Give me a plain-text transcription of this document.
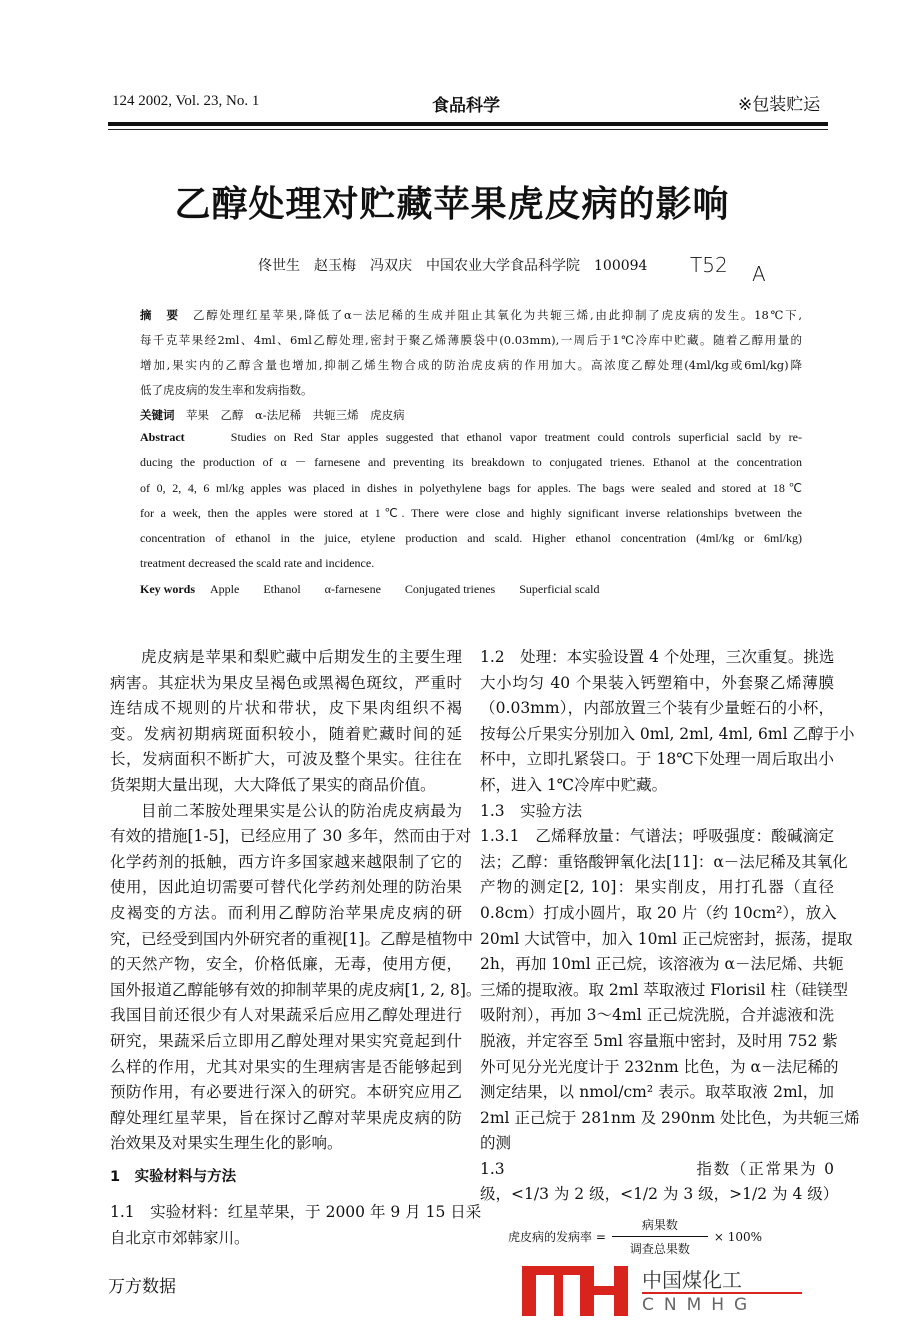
124 2002, Vol. 23, No. 1	食品科学	※包装贮运
乙醇处理对贮藏苹果虎皮病的影响
佟世生　赵玉梅　冯双庆　中国农业大学食品科学院　100094 T52 A
摘　要　 乙醇处理红星苹果,降低了α－法尼稀的生成并阻止其氧化为共轭三烯,由此抑制了虎皮病的发生。18℃下,
每千克苹果经2ml、4ml、6ml乙醇处理,密封于聚乙烯薄膜袋中(0.03mm),一周后于1℃冷库中贮藏。随着乙醇用量的
增加,果实内的乙醇含量也增加,抑制乙烯生物合成的防治虎皮病的作用加大。高浓度乙醇处理(4ml/kg或6ml/kg)降
低了虎皮病的发生率和发病指数。
关键词　 苹果　乙醇　α-法尼稀　共轭三烯　虎皮病
Abstract	Studies on Red Star apples suggested that ethanol vapor treatment could controls superficial sacld by re-
ducing the production of α － farnesene and preventing its breakdown to conjugated trienes. Ethanol at the concentration
of 0, 2, 4, 6 ml/kg apples was placed in dishes in polyethylene bags for apples. The bags were sealed and stored at 18℃
for a week, then the apples were stored at 1℃. There were close and highly significant inverse relationships bvetween the
concentration of ethanol in the juice, etylene production and scald. Higher ethanol concentration (4ml/kg or 6ml/kg)
treatment decreased the scald rate and incidence.
Key words Apple　　Ethanol　　α-farnesene　　Conjugated trienes　　Superficial scald
虎皮病是苹果和梨贮藏中后期发生的主要生理
病害。其症状为果皮呈褐色或黑褐色斑纹，严重时
连结成不规则的片状和带状，皮下果肉组织不褐
变。发病初期病斑面积较小，随着贮藏时间的延
长，发病面积不断扩大，可波及整个果实。往往在
货架期大量出现，大大降低了果实的商品价值。
目前二苯胺处理果实是公认的防治虎皮病最为
有效的措施[1-5]，已经应用了 30 多年，然而由于对
化学药剂的抵触，西方许多国家越来越限制了它的
使用，因此迫切需要可替代化学药剂处理的防治果
皮褐变的方法。而利用乙醇防治苹果虎皮病的研
究，已经受到国内外研究者的重视[1]。乙醇是植物中
的天然产物，安全，价格低廉，无毒，使用方便，
国外报道乙醇能够有效的抑制苹果的虎皮病[1, 2, 8]。
我国目前还很少有人对果蔬采后应用乙醇处理进行
研究，果蔬采后立即用乙醇处理对果实究竟起到什
么样的作用，尤其对果实的生理病害是否能够起到
预防作用，有必要进行深入的研究。本研究应用乙
醇处理红星苹果，旨在探讨乙醇对苹果虎皮病的防
治效果及对果实生理生化的影响。
1　实验材料与方法
1.1　实验材料：红星苹果，于 2000 年 9 月 15 日采
自北京市郊韩家川。
1.2　处理：本实验设置 4 个处理，三次重复。挑选
大小均匀 40 个果装入钙塑箱中，外套聚乙烯薄膜
（0.03mm），内部放置三个装有少量蛭石的小杯，
按每公斤果实分别加入 0ml, 2ml, 4ml, 6ml 乙醇于小
杯中，立即扎紧袋口。于 18℃下处理一周后取出小
杯，进入 1℃冷库中贮藏。
1.3　实验方法
1.3.1　乙烯释放量：气谱法；呼吸强度：酸碱滴定
法；乙醇：重铬酸钾氧化法[11]：α－法尼稀及其氧化
产物的测定[2, 10]：果实削皮，用打孔器（直径
0.8cm）打成小圆片，取 20 片（约 10cm²），放入
20ml 大试管中，加入 10ml 正己烷密封，振荡，提取
2h，再加 10ml 正己烷，该溶液为 α－法尼烯、共轭
三烯的提取液。取 2ml 萃取液过 Florisil 柱（硅镁型
吸附剂），再加 3～4ml 正己烷洗脱，合并滤液和洗
脱液，并定容至 5ml 容量瓶中密封，及时用 752 紫
外可见分光光度计于 232nm 比色，为 α－法尼稀的
测定结果，以 nmol/cm² 表示。取萃取液 2ml，加
2ml 正己烷于 281nm 及 290nm 处比色，为共轭三烯
的测
1.3　　　　　　　　　　　指数（正常果为 0
级，<1/3 为 2 级，<1/2 为 3 级，>1/2 为 4 级）
虎皮病的发病率 = $\frac{\text{病果数}}{\text{调查总果数}} \times 100\%$
中国煤化工
CNMHG
万方数据
